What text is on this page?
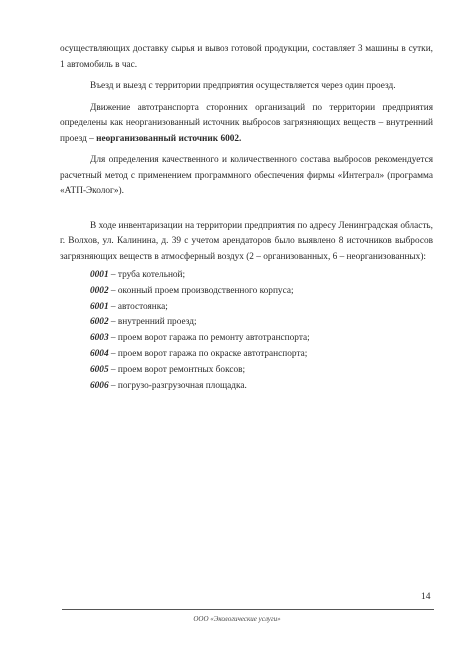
осуществляющих доставку сырья и вывоз готовой продукции, составляет 3 машины в сутки, 1 автомобиль в час.

Въезд и выезд с территории предприятия осуществляется через один проезд.

Движение автотранспорта сторонних организаций по территории предприятия определены как неорганизованный источник выбросов загрязняющих веществ – внутренний проезд – неорганизованный источник 6002.

Для определения качественного и количественного состава выбросов рекомендуется расчетный метод с применением программного обеспечения фирмы «Интеграл» (программа «АТП-Эколог»).

В ходе инвентаризации на территории предприятия по адресу Ленинградская область, г. Волхов, ул. Калинина, д. 39 с учетом арендаторов было выявлено 8 источников выбросов загрязняющих веществ в атмосферный воздух (2 – организованных, 6 – неорганизованных):

0001 – труба котельной;

0002 – оконный проем производственного корпуса;

6001 – автостоянка;

6002 – внутренний проезд;

6003 – проем ворот гаража по ремонту автотранспорта;

6004 – проем ворот гаража по окраске автотранспорта;

6005 – проем ворот ремонтных боксов;

6006 – погрузо-разгрузочная площадка.

14
ООО «Экологические услуги»
